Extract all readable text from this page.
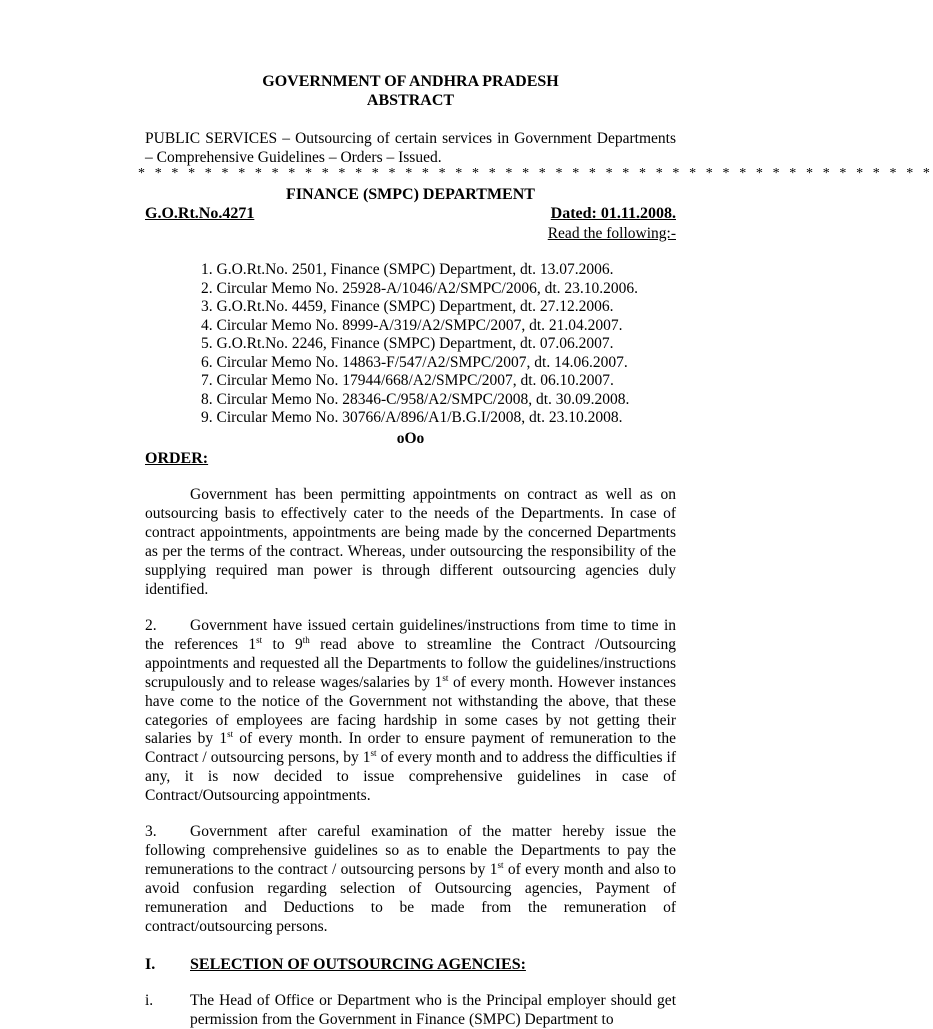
GOVERNMENT OF ANDHRA PRADESH
ABSTRACT
PUBLIC SERVICES – Outsourcing of certain services in Government Departments – Comprehensive Guidelines – Orders – Issued.
* * * * * * * * * * * * * * * * * * * * * * * * * * * * * * * * * * * * * * * * * * * * * * * *
FINANCE (SMPC) DEPARTMENT
G.O.Rt.No.4271	Dated: 01.11.2008.
Read the following:-
1. G.O.Rt.No. 2501, Finance (SMPC) Department, dt. 13.07.2006.
2. Circular Memo No. 25928-A/1046/A2/SMPC/2006, dt. 23.10.2006.
3. G.O.Rt.No. 4459, Finance (SMPC) Department, dt. 27.12.2006.
4. Circular Memo No. 8999-A/319/A2/SMPC/2007, dt. 21.04.2007.
5. G.O.Rt.No. 2246, Finance (SMPC) Department, dt. 07.06.2007.
6. Circular Memo No. 14863-F/547/A2/SMPC/2007, dt. 14.06.2007.
7. Circular Memo No. 17944/668/A2/SMPC/2007, dt. 06.10.2007.
8. Circular Memo No. 28346-C/958/A2/SMPC/2008, dt. 30.09.2008.
9. Circular Memo No. 30766/A/896/A1/B.G.I/2008, dt. 23.10.2008.
oOo
ORDER:

Government has been permitting appointments on contract as well as on outsourcing basis to effectively cater to the needs of the Departments. In case of contract appointments, appointments are being made by the concerned Departments as per the terms of the contract. Whereas, under outsourcing the responsibility of the supplying required man power is through different outsourcing agencies duly identified.

2. Government have issued certain guidelines/instructions from time to time in the references 1st to 9th read above to streamline the Contract /Outsourcing appointments and requested all the Departments to follow the guidelines/instructions scrupulously and to release wages/salaries by 1st of every month. However instances have come to the notice of the Government not withstanding the above, that these categories of employees are facing hardship in some cases by not getting their salaries by 1st of every month. In order to ensure payment of remuneration to the Contract / outsourcing persons, by 1st of every month and to address the difficulties if any, it is now decided to issue comprehensive guidelines in case of Contract/Outsourcing appointments.

3. Government after careful examination of the matter hereby issue the following comprehensive guidelines so as to enable the Departments to pay the remunerations to the contract / outsourcing persons by 1st of every month and also to avoid confusion regarding selection of Outsourcing agencies, Payment of remuneration and Deductions to be made from the remuneration of contract/outsourcing persons.

I. SELECTION OF OUTSOURCING AGENCIES:
i.	The Head of Office or Department who is the Principal employer should get permission from the Government in Finance (SMPC) Department to
